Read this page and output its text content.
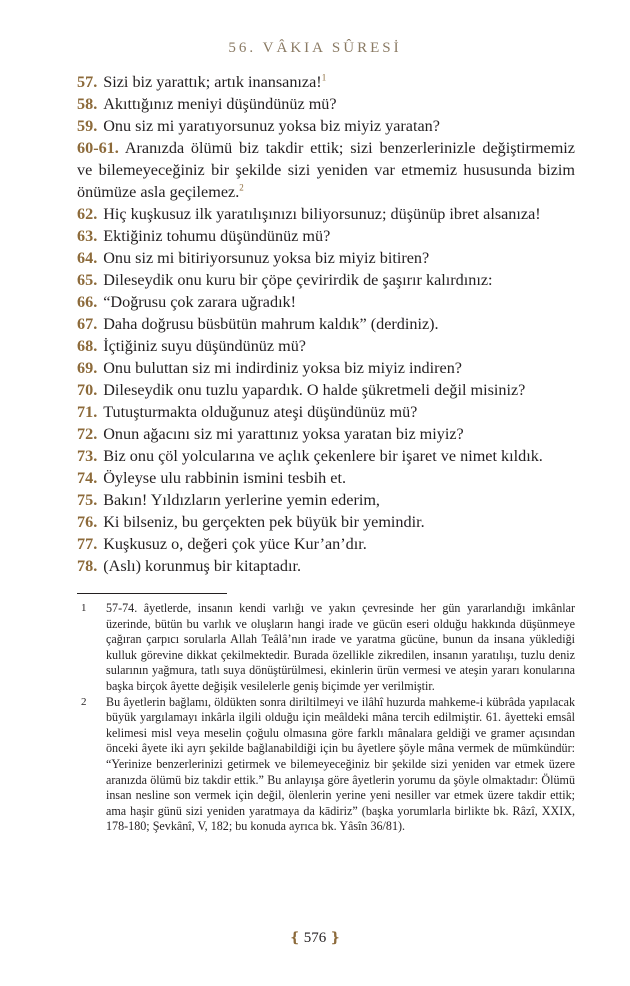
56. VÂKIA SÛRESİ
57. Sizi biz yarattık; artık inansanıza!$^1$
58. Akıttığınız meniyi düşündünüz mü?
59. Onu siz mi yaratıyorsunuz yoksa biz miyiz yaratan?
60-61. Aranızda ölümü biz takdir ettik; sizi benzerlerinizle değiştirmemiz ve bilemeyeceğiniz bir şekilde sizi yeniden var etmemiz hususunda bizim önümüze asla geçilemez.$^2$
62. Hiç kuşkusuz ilk yaratılışınızı biliyorsunuz; düşünüp ibret alsanıza!
63. Ektiğiniz tohumu düşündünüz mü?
64. Onu siz mi bitiriyorsunuz yoksa biz miyiz bitiren?
65. Dileseydik onu kuru bir çöpe çevirirdik de şaşırır kalırdınız:
66. “Doğrusu çok zarara uğradık!
67. Daha doğrusu büsbütün mahrum kaldık” (derdiniz).
68. İçtiğiniz suyu düşündünüz mü?
69. Onu buluttan siz mi indirdiniz yoksa biz miyiz indiren?
70. Dileseydik onu tuzlu yapardık. O halde şükretmeli değil misiniz?
71. Tutuşturmakta olduğunuz ateşi düşündünüz mü?
72. Onun ağacını siz mi yarattınız yoksa yaratan biz miyiz?
73. Biz onu çöl yolcularına ve açlık çekenlere bir işaret ve nimet kıldık.
74. Öyleyse ulu rabbinin ismini tesbih et.
75. Bakın! Yıldızların yerlerine yemin ederim,
76. Ki bilseniz, bu gerçekten pek büyük bir yemindir.
77. Kuşkusuz o, değeri çok yüce Kur’an’dır.
78. (Aslı) korunmuş bir kitaptadır.
1	57-74. âyetlerde, insanın kendi varlığı ve yakın çevresinde her gün yararlandığı imkânlar üzerinde, bütün bu varlık ve oluşların hangi irade ve gücün eseri olduğu hakkında düşünmeye çağıran çarpıcı sorularla Allah Teâlâ’nın irade ve yaratma gücüne, bunun da insana yüklediği kulluk görevine dikkat çekilmektedir. Burada özellikle zikredilen, insanın yaratılışı, tuzlu deniz sularının yağmura, tatlı suya dönüştürülmesi, ekinlerin ürün vermesi ve ateşin yararı konularına başka birçok âyette değişik vesilelerle geniş biçimde yer verilmiştir.
2	Bu âyetlerin bağlamı, öldükten sonra diriltilmeyi ve ilâhî huzurda mahkeme-i kübrâda yapılacak büyük yargılamayı inkârla ilgili olduğu için meâldeki mâna tercih edilmiştir. 61. âyetteki emsâl kelimesi misl veya meselin çoğulu olmasına göre farklı mânalara geldiği ve gramer açısından önceki âyete iki ayrı şekilde bağlanabildiği için bu âyetlere şöyle mâna vermek de mümkündür: “Yerinize benzerlerinizi getirmek ve bilemeyeceğiniz bir şekilde sizi yeniden var etmek üzere aranızda ölümü biz takdir ettik.” Bu anlayışa göre âyetlerin yorumu da şöyle olmaktadır: Ölümü insan nesline son vermek için değil, ölenlerin yerine yeni nesiller var etmek üzere takdir ettik; ama haşir günü sizi yeniden yaratmaya da kādiriz” (başka yorumlarla birlikte bk. Râzî, XXIX, 178-180; Şevkânî, V, 182; bu konuda ayrıca bk. Yâsîn 36/81).
❴ 576 ❵
